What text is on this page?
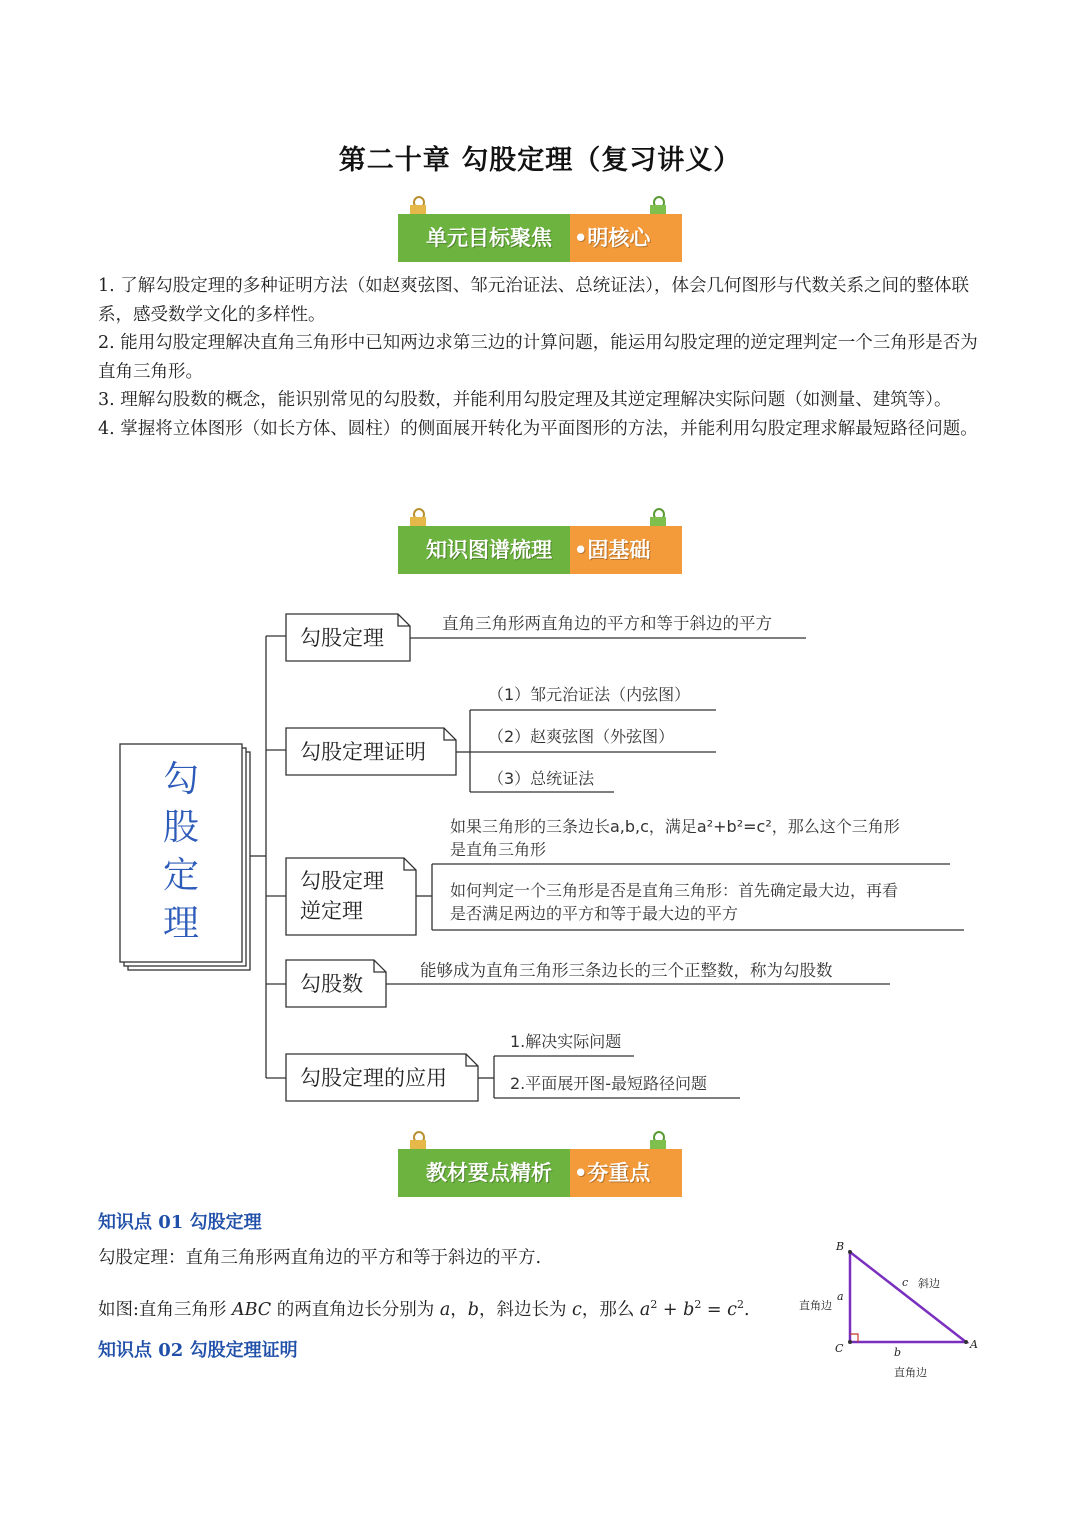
第二十章 勾股定理（复习讲义）
单元目标聚焦 •明核心

1. 了解勾股定理的多种证明方法（如赵爽弦图、邹元治证法、总统证法），体会几何图形与代数关系之间的整体联系，感受数学文化的多样性。

2. 能用勾股定理解决直角三角形中已知两边求第三边的计算问题，能运用勾股定理的逆定理判定一个三角形是否为直角三角形。

3. 理解勾股数的概念，能识别常见的勾股数，并能利用勾股定理及其逆定理解决实际问题（如测量、建筑等）。

4. 掌握将立体图形（如长方体、圆柱）的侧面展开转化为平面图形的方法，并能利用勾股定理求解最短路径问题。

知识图谱梳理 •固基础
勾
股
定
理
勾股定理
勾股定理证明
勾股定理
逆定理
勾股数
勾股定理的应用
直角三角形两直角边的平方和等于斜边的平方
（1）邹元治证法（内弦图）
（2）赵爽弦图（外弦图）
（3）总统证法
如果三角形的三条边长a,b,c，满足a²+b²=c²，那么这个三角形
是直角三角形
如何判定一个三角形是否是直角三角形：首先确定最大边，再看
是否满足两边的平方和等于最大边的平方
能够成为直角三角形三条边长的三个正整数，称为勾股数
1.解决实际问题
2.平面展开图-最短路径问题
教材要点精析 •夯重点
知识点 01 勾股定理
勾股定理：直角三角形两直角边的平方和等于斜边的平方.
如图:直角三角形 ABC 的两直角边长分别为 a，b，斜边长为 c，那么 $a^2 + b^2 = c^2$.
知识点 02 勾股定理证明
B
C	A
a
b
c 斜边
直角边
直角边
